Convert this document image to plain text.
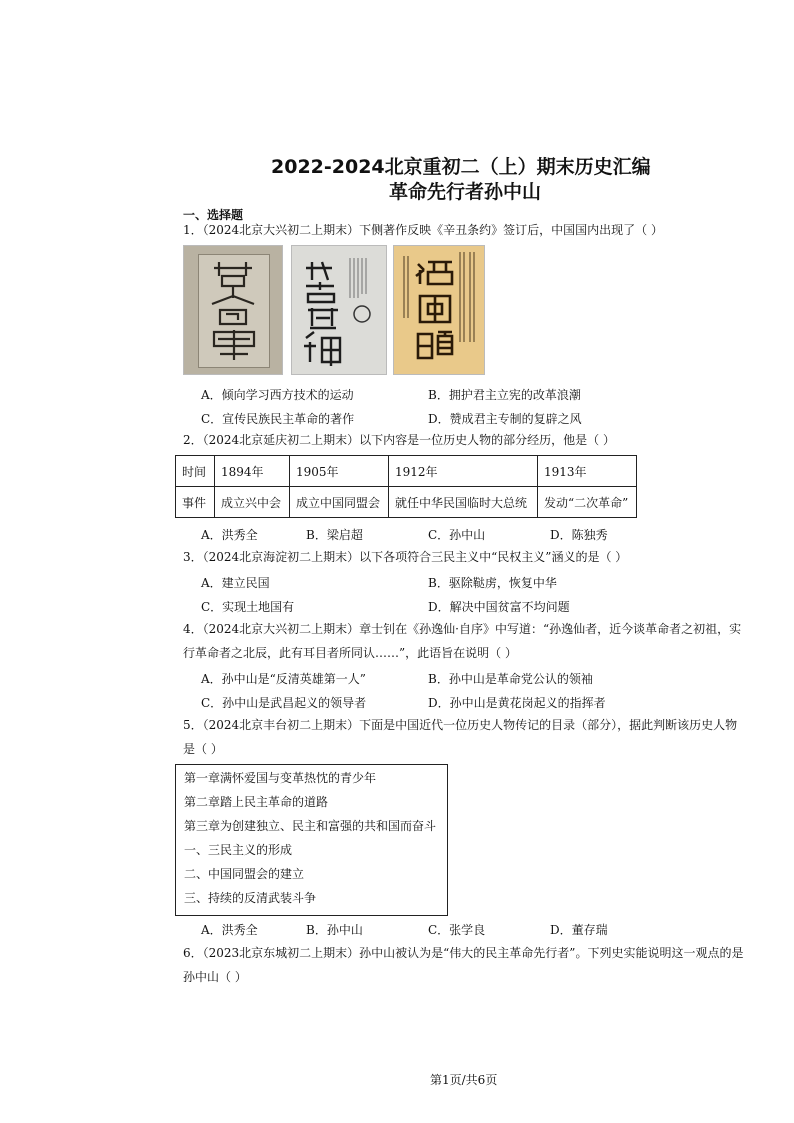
2022-2024北京重初二（上）期末历史汇编
革命先行者孙中山
一、选择题
1．（2024北京大兴初二上期末）下侧著作反映《辛丑条约》签订后，中国国内出现了（ ）
A．倾向学习西方技术的运动	B．拥护君主立宪的改革浪潮
C．宣传民族民主革命的著作	D．赞成君主专制的复辟之风
2．（2024北京延庆初二上期末）以下内容是一位历史人物的部分经历，他是（ ）
时间	1894年	1905年	1912年	1913年
事件	成立兴中会	成立中国同盟会	就任中华民国临时大总统	发动“二次革命”
A．洪秀全	B．梁启超	C．孙中山	D．陈独秀
3．（2024北京海淀初二上期末）以下各项符合三民主义中“民权主义”涵义的是（ ）
A．建立民国	B．驱除鞑虏，恢复中华
C．实现土地国有	D．解决中国贫富不均问题
4．（2024北京大兴初二上期末）章士钊在《孙逸仙·自序》中写道：“孙逸仙者，近今谈革命者之初祖，实
行革命者之北辰，此有耳目者所同认……”，此语旨在说明（ ）
A．孙中山是“反清英雄第一人”	B．孙中山是革命党公认的领袖
C．孙中山是武昌起义的领导者	D．孙中山是黄花岗起义的指挥者
5．（2024北京丰台初二上期末）下面是中国近代一位历史人物传记的目录（部分），据此判断该历史人物
是（ ）
第一章满怀爱国与变革热忱的青少年
第二章踏上民主革命的道路
第三章为创建独立、民主和富强的共和国而奋斗
一、三民主义的形成
二、中国同盟会的建立
三、持续的反清武装斗争
A．洪秀全	B．孙中山	C．张学良	D．董存瑞
6．（2023北京东城初二上期末）孙中山被认为是“伟大的民主革命先行者”。下列史实能说明这一观点的是
孙中山（ ）
第1页/共6页
